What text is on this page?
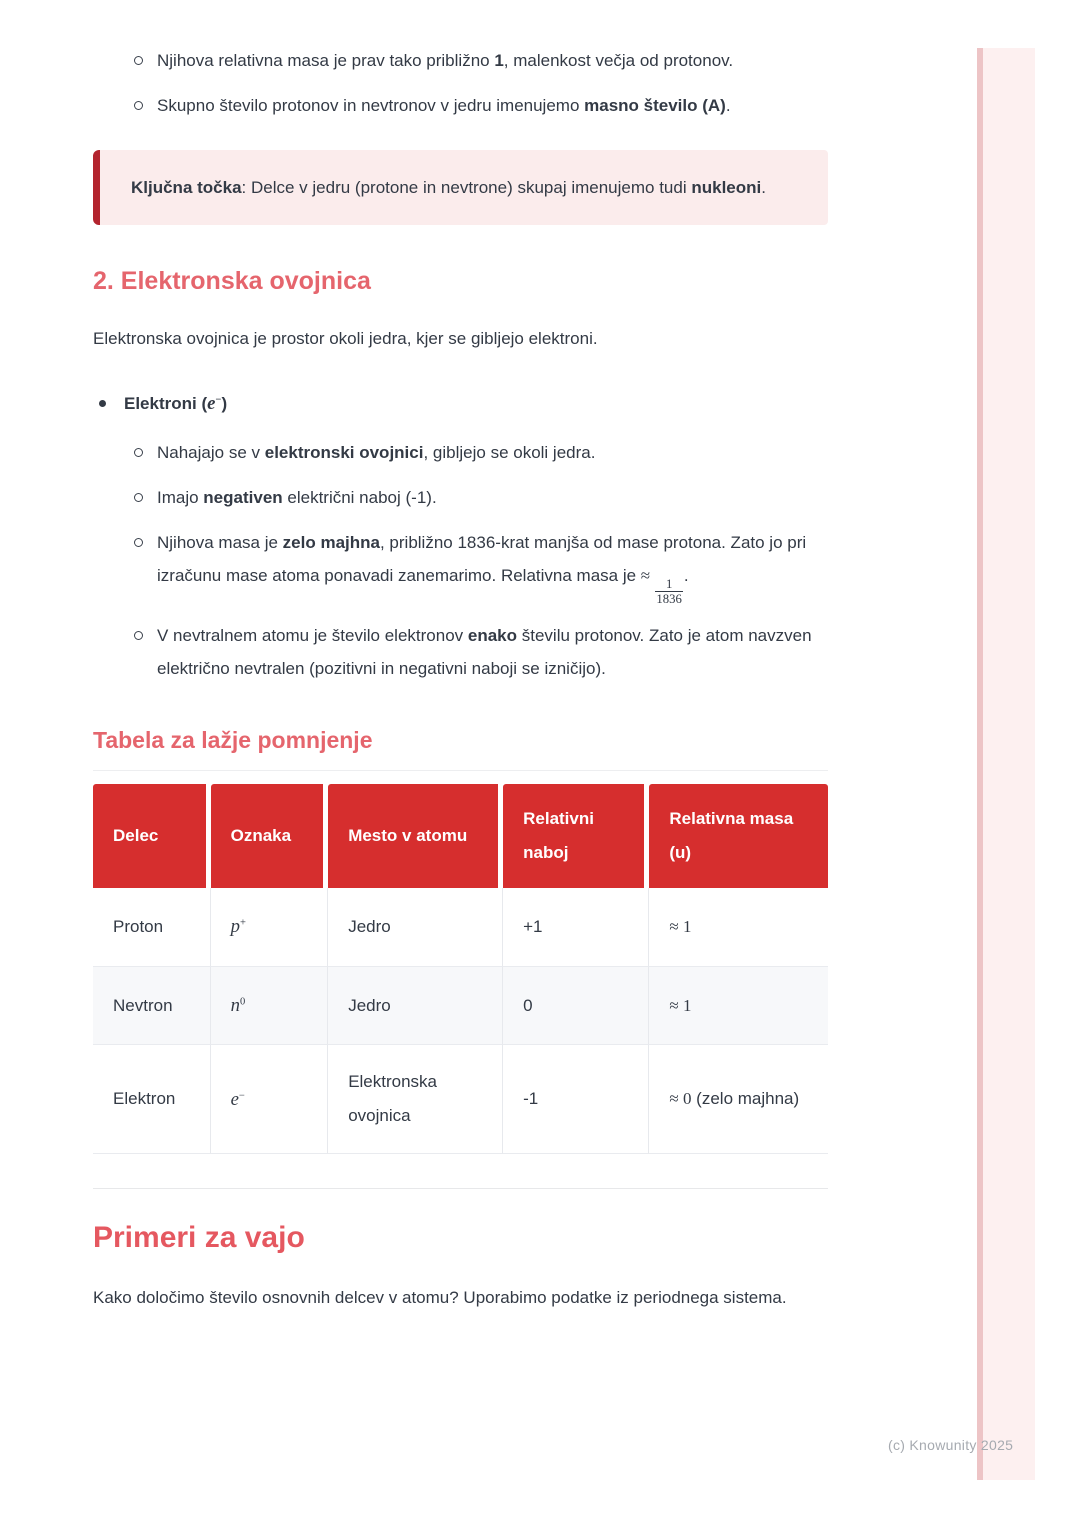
(c) Knowunity 2025
Njihova relativna masa je prav tako približno 1, malenkost večja od protonov.
Skupno število protonov in nevtronov v jedru imenujemo masno število (A).

Ključna točka: Delce v jedru (protone in nevtrone) skupaj imenujemo tudi nukleoni.

2. Elektronska ovojnica

Elektronska ovojnica je prostor okoli jedra, kjer se gibljejo elektroni.

Elektroni (e−)
Nahajajo se v elektronski ovojnici, gibljejo se okoli jedra.
Imajo negativen električni naboj (-1).
Njihova masa je zelo majhna, približno 1836-krat manjša od mase protona. Zato jo pri izračunu mase atoma ponavadi zanemarimo. Relativna masa je ≈
$\frac{1}{1836}$
.
V nevtralnem atomu je število elektronov enako številu protonov. Zato je atom navzven električno nevtralen (pozitivni in negativni naboji se izničijo).
Tabela za lažje pomnjenje
Delec	Oznaka	Mesto v atomu	Relativni naboj	Relativna masa (u)
Proton	p+	Jedro	+1	≈ 1
Nevtron	$n^0$	Jedro	0	≈ 1
Elektron	e−	Elektronska ovojnica	-1	≈ 0 (zelo majhna)
Primeri za vajo

Kako določimo število osnovnih delcev v atomu? Uporabimo podatke iz periodnega sistema.
